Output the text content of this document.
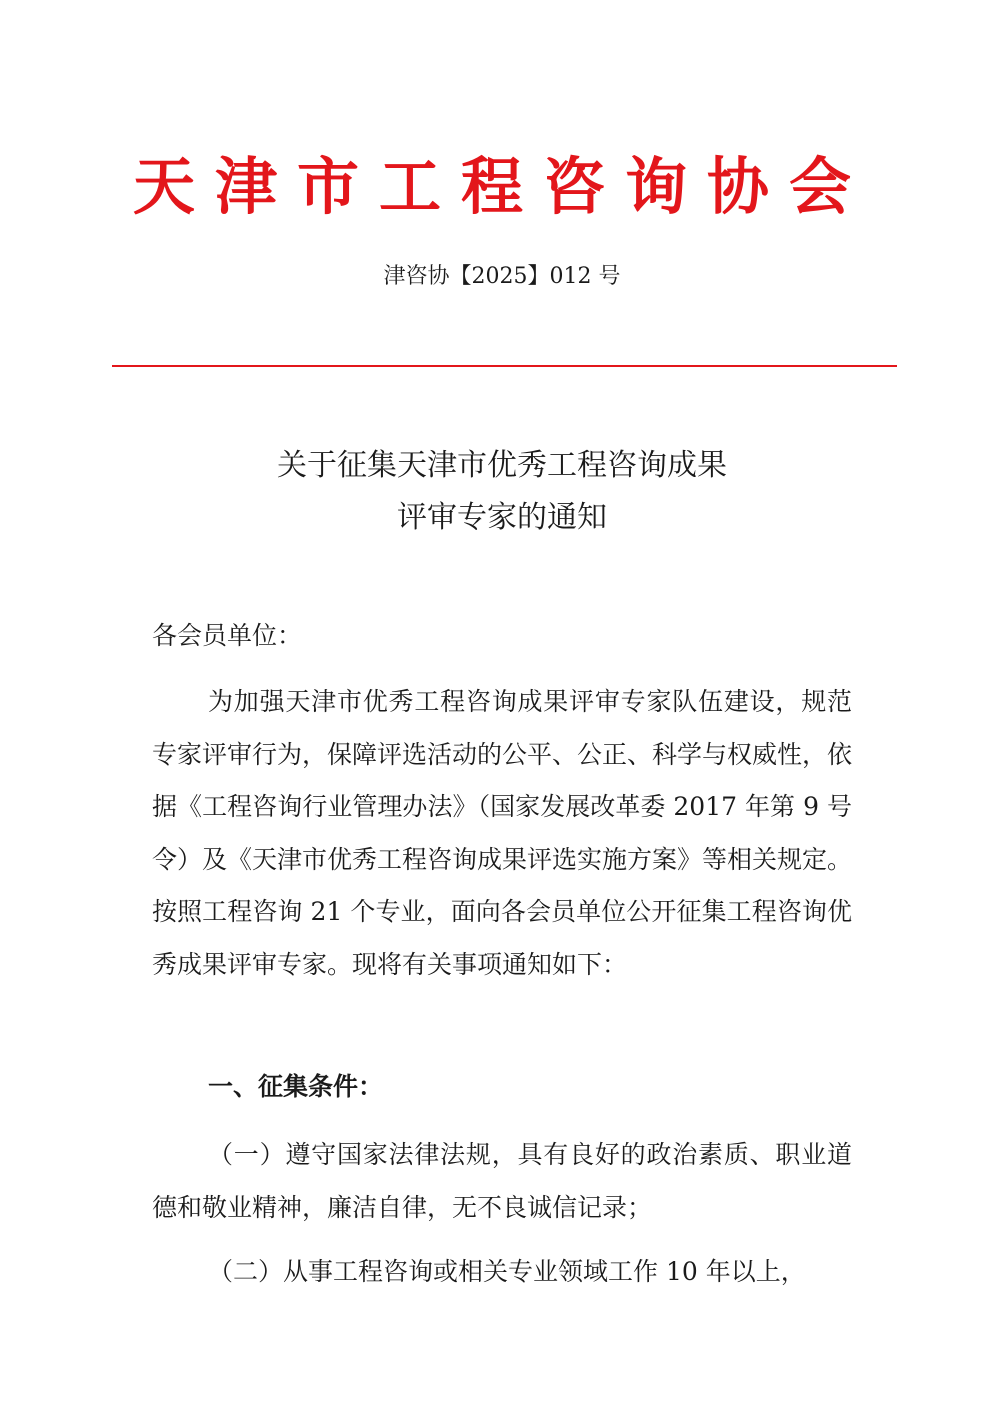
天津市工程咨询协会
津咨协【2025】012 号
关于征集天津市优秀工程咨询成果
评审专家的通知
各会员单位：
为加强天津市优秀工程咨询成果评审专家队伍建设，规范专家评审行为，保障评选活动的公平、公正、科学与权威性，依据《工程咨询行业管理办法》（国家发展改革委 2017 年第 9 号令）及《天津市优秀工程咨询成果评选实施方案》等相关规定。按照工程咨询 21 个专业，面向各会员单位公开征集工程咨询优秀成果评审专家。现将有关事项通知如下：
一、征集条件：
（一）遵守国家法律法规，具有良好的政治素质、职业道德和敬业精神，廉洁自律，无不良诚信记录；
（二）从事工程咨询或相关专业领域工作 10 年以上，
